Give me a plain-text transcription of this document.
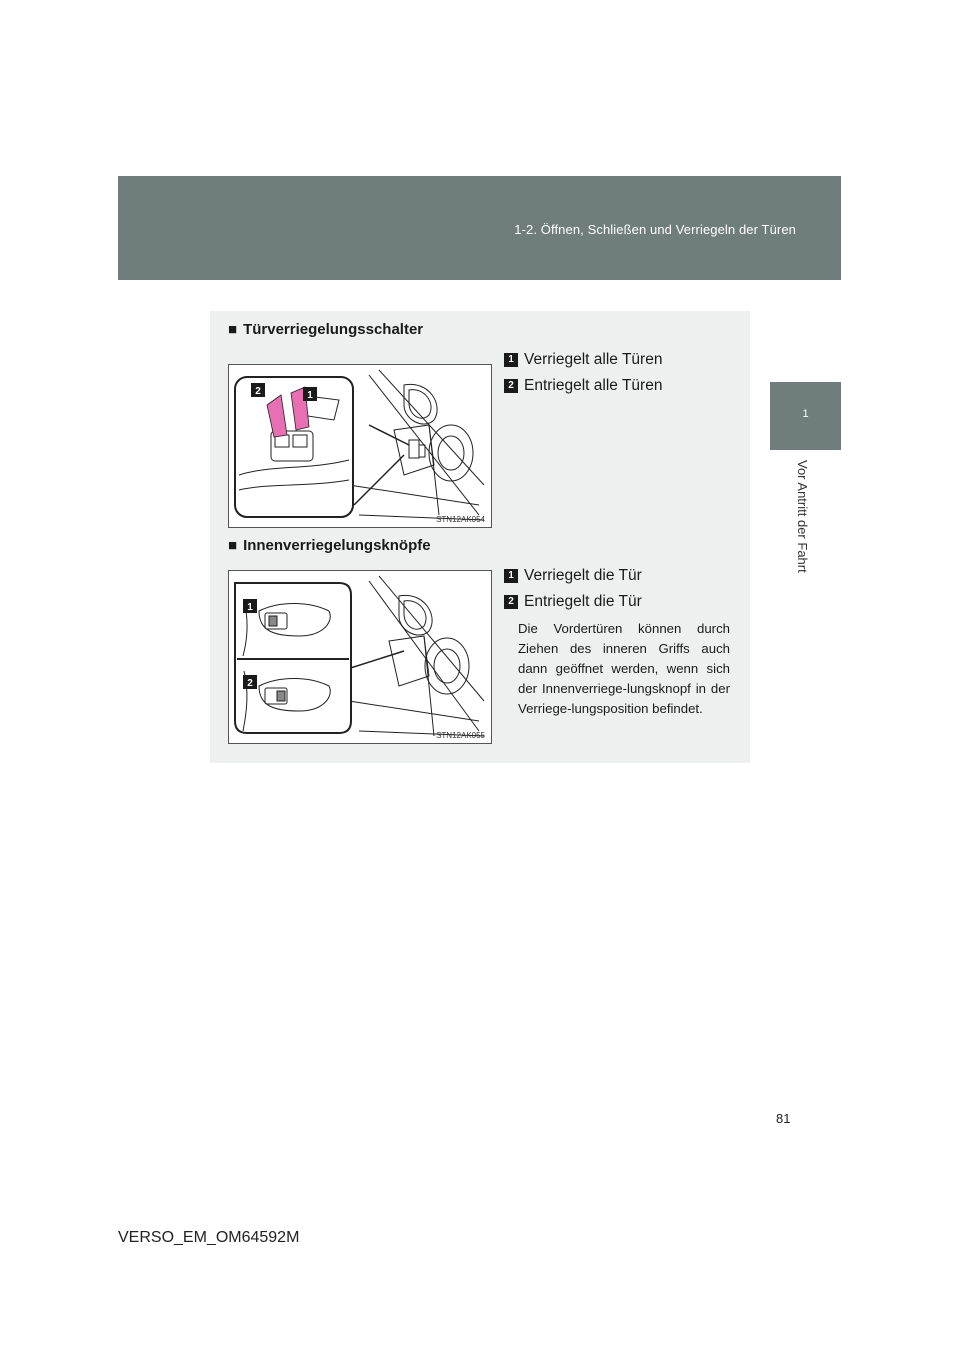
1-2. Öffnen, Schließen und Verriegeln der Türen
1
Vor Antritt der Fahrt
■ Türverriegelungsschalter
2	1
STN12AK054
1 Verriegelt alle Türen
2 Entriegelt alle Türen
■ Innenverriegelungsknöpfe
1
2
STN12AK055
1 Verriegelt die Tür
2 Entriegelt die Tür
Die Vordertüren können durch Ziehen des inneren Griffs auch dann geöffnet werden, wenn sich der Innenverriege-lungsknopf in der Verriege-lungsposition befindet.
81
VERSO_EM_OM64592M
